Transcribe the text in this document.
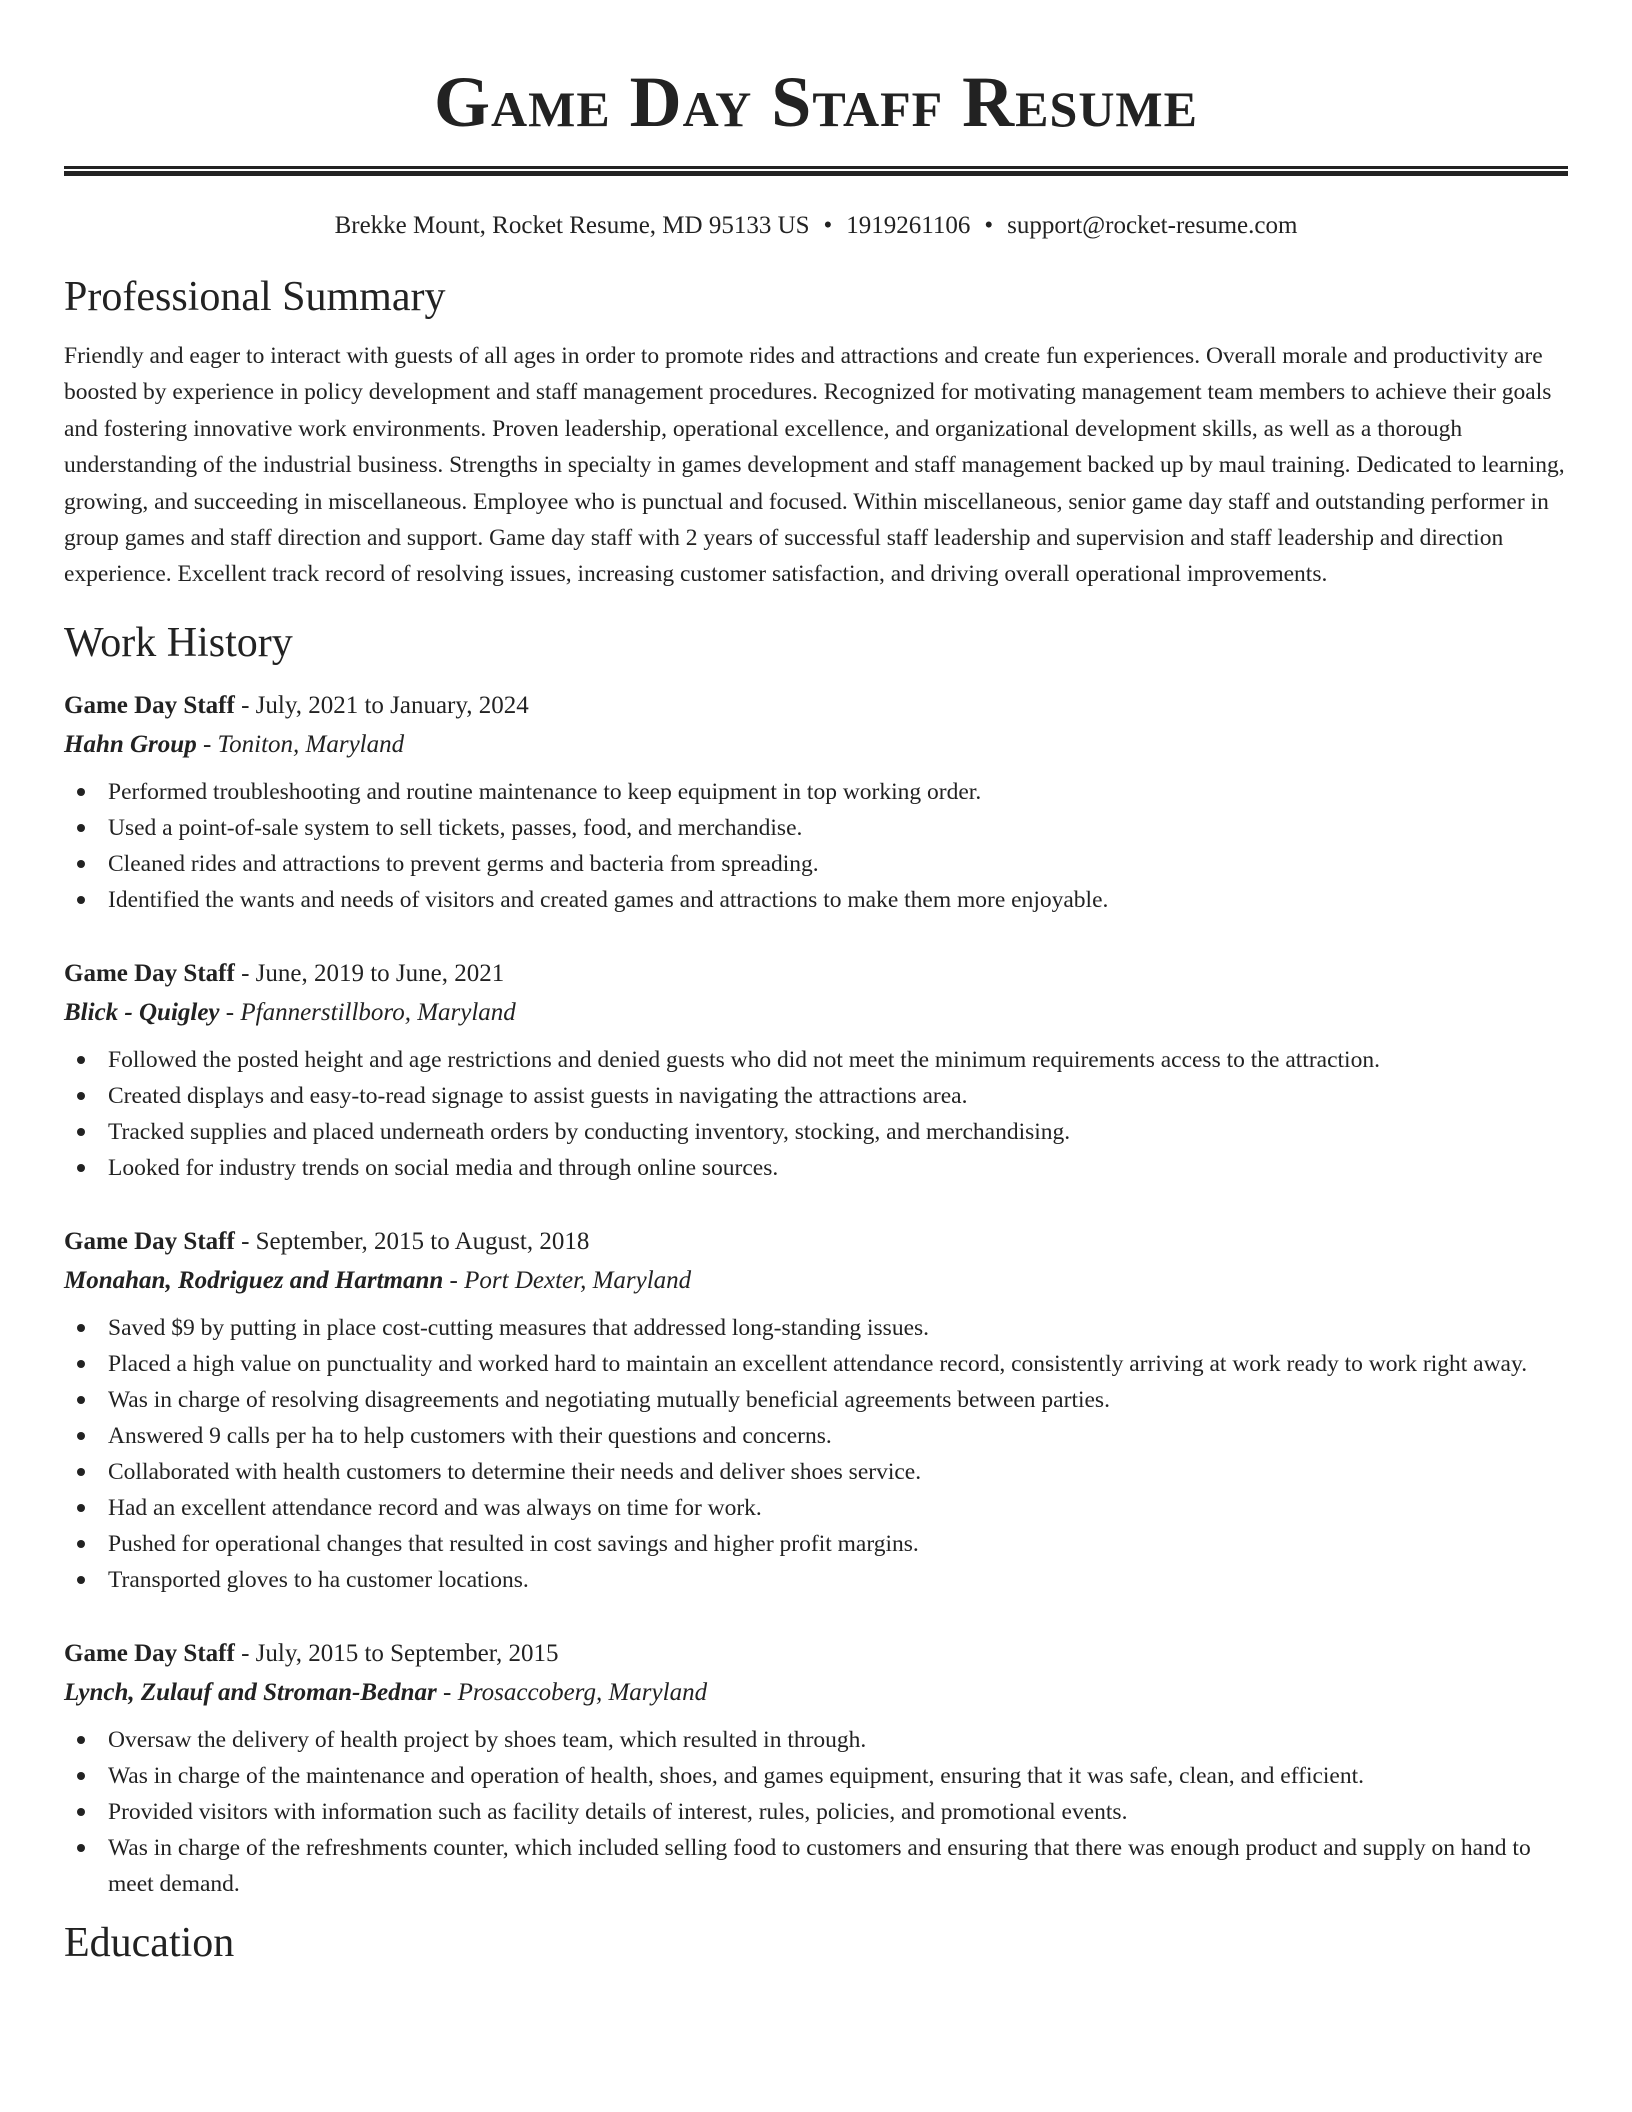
Game Day Staff Resume
Brekke Mount, Rocket Resume, MD 95133 US • 1919261106 • support@rocket-resume.com
Professional Summary

Friendly and eager to interact with guests of all ages in order to promote rides and attractions and create fun experiences. Overall morale and productivity are boosted by experience in policy development and staff management procedures. Recognized for motivating management team members to achieve their goals and fostering innovative work environments. Proven leadership, operational excellence, and organizational development skills, as well as a thorough understanding of the industrial business. Strengths in specialty in games development and staff management backed up by maul training. Dedicated to learning, growing, and succeeding in miscellaneous. Employee who is punctual and focused. Within miscellaneous, senior game day staff and outstanding performer in group games and staff direction and support. Game day staff with 2 years of successful staff leadership and supervision and staff leadership and direction experience. Excellent track record of resolving issues, increasing customer satisfaction, and driving overall operational improvements.

Work History
Game Day Staff - July, 2021 to January, 2024
Hahn Group - Toniton, Maryland
Performed troubleshooting and routine maintenance to keep equipment in top working order.
Used a point-of-sale system to sell tickets, passes, food, and merchandise.
Cleaned rides and attractions to prevent germs and bacteria from spreading.
Identified the wants and needs of visitors and created games and attractions to make them more enjoyable.
Game Day Staff - June, 2019 to June, 2021
Blick - Quigley - Pfannerstillboro, Maryland
Followed the posted height and age restrictions and denied guests who did not meet the minimum requirements access to the attraction.
Created displays and easy-to-read signage to assist guests in navigating the attractions area.
Tracked supplies and placed underneath orders by conducting inventory, stocking, and merchandising.
Looked for industry trends on social media and through online sources.
Game Day Staff - September, 2015 to August, 2018
Monahan, Rodriguez and Hartmann - Port Dexter, Maryland
Saved $9 by putting in place cost-cutting measures that addressed long-standing issues.
Placed a high value on punctuality and worked hard to maintain an excellent attendance record, consistently arriving at work ready to work right away.
Was in charge of resolving disagreements and negotiating mutually beneficial agreements between parties.
Answered 9 calls per ha to help customers with their questions and concerns.
Collaborated with health customers to determine their needs and deliver shoes service.
Had an excellent attendance record and was always on time for work.
Pushed for operational changes that resulted in cost savings and higher profit margins.
Transported gloves to ha customer locations.
Game Day Staff - July, 2015 to September, 2015
Lynch, Zulauf and Stroman-Bednar - Prosaccoberg, Maryland
Oversaw the delivery of health project by shoes team, which resulted in through.
Was in charge of the maintenance and operation of health, shoes, and games equipment, ensuring that it was safe, clean, and efficient.
Provided visitors with information such as facility details of interest, rules, policies, and promotional events.
Was in charge of the refreshments counter, which included selling food to customers and ensuring that there was enough product and supply on hand to meet demand.
Education
